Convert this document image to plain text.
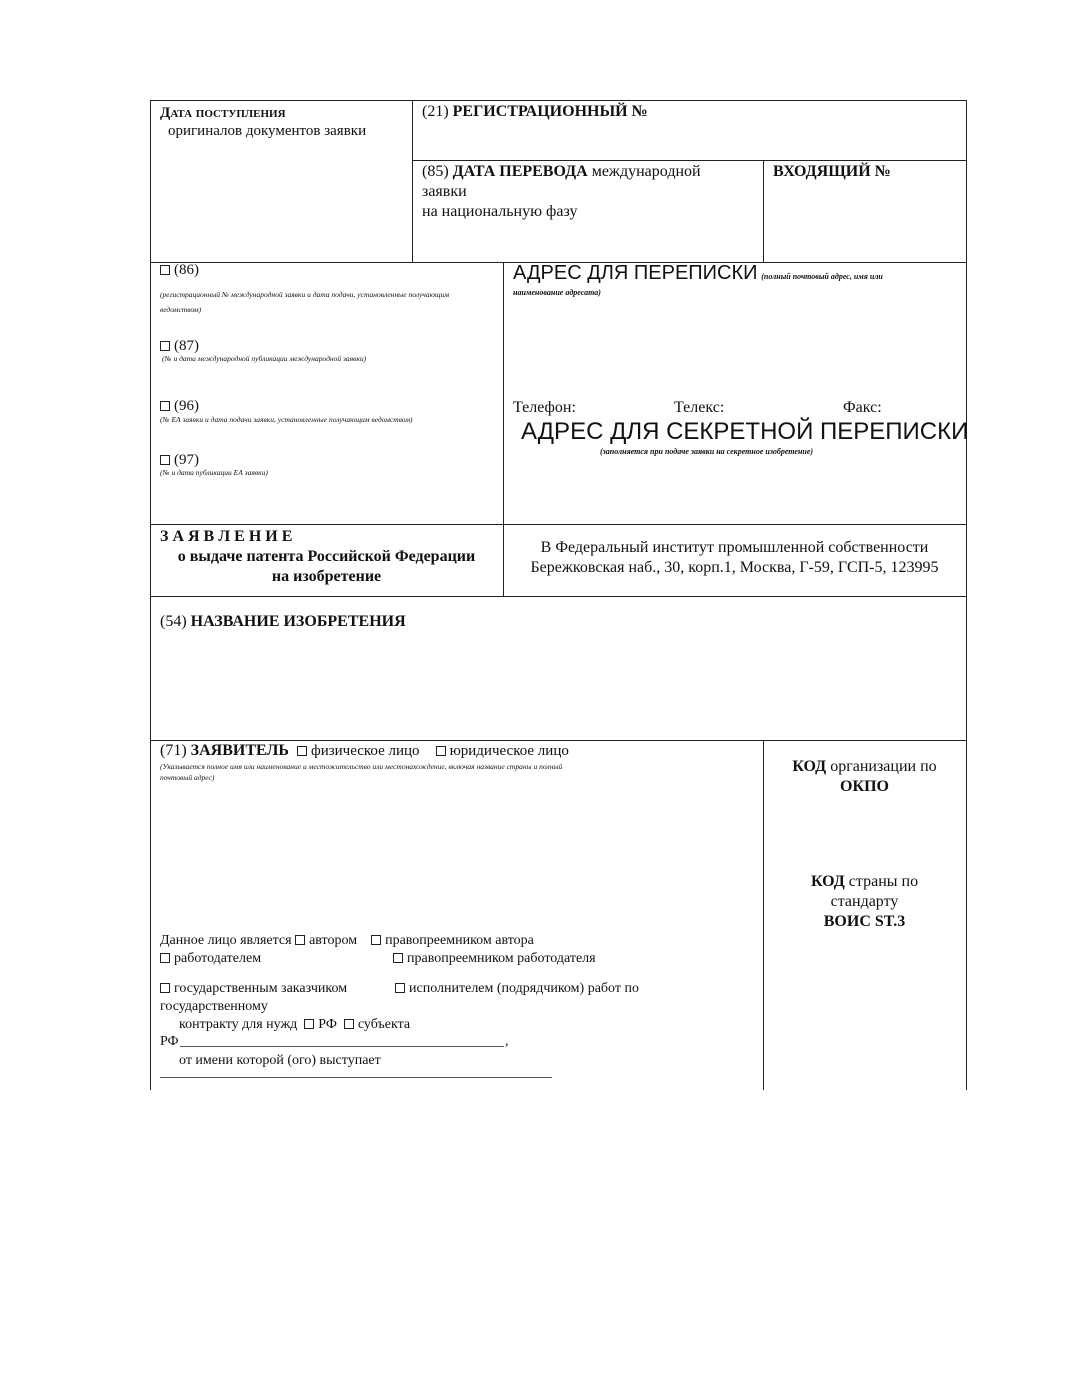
Дата поступления
оригиналов документов заявки
(21) РЕГИСТРАЦИОННЫЙ №
(85) ДАТА ПЕРЕВОДА международной
заявки
на национальную фазу
ВХОДЯЩИЙ №
(86)
(регистрационный № международной заявки и дата подачи, установленные получающим
ведомством)
(87)
(№ и дата международной публикации международной заявки)
(96)
(№ ЕА заявки и дата подачи заявки, установленные получающим ведомством)
(97)
(№ и дата публикации ЕА заявки)
АДРЕС ДЛЯ ПЕРЕПИСКИ (полный почтовый адрес, имя или
наименование адресата)
Телефон:	Телекс:	Факс:
АДРЕС ДЛЯ СЕКРЕТНОЙ ПЕРЕПИСКИ
(заполняется при подаче заявки на секретное изобретение)
З А Я В Л Е Н И Е
о выдаче патента Российской Федерации
на изобретение
В Федеральный институт промышленной собственности
Бережковская наб., 30, корп.1, Москва, Г-59, ГСП-5, 123995
(54) НАЗВАНИЕ ИЗОБРЕТЕНИЯ
(71) ЗАЯВИТЕЛЬ физическое лицо юридическое лицо
(Указывается полное имя или наименование и местожительство или местонахождение, включая название страны и полный
почтовый адрес)
Данное лицо является автором правопреемником автора
работодателем	правопреемником работодателя
государственным заказчиком	исполнителем (подрядчиком) работ по
государственному
контракту для нужд РФ субъекта
РФ	,
от имени которой (ого) выступает
КОД организации по
ОКПО
КОД страны по
стандарту
ВОИС ST.3
